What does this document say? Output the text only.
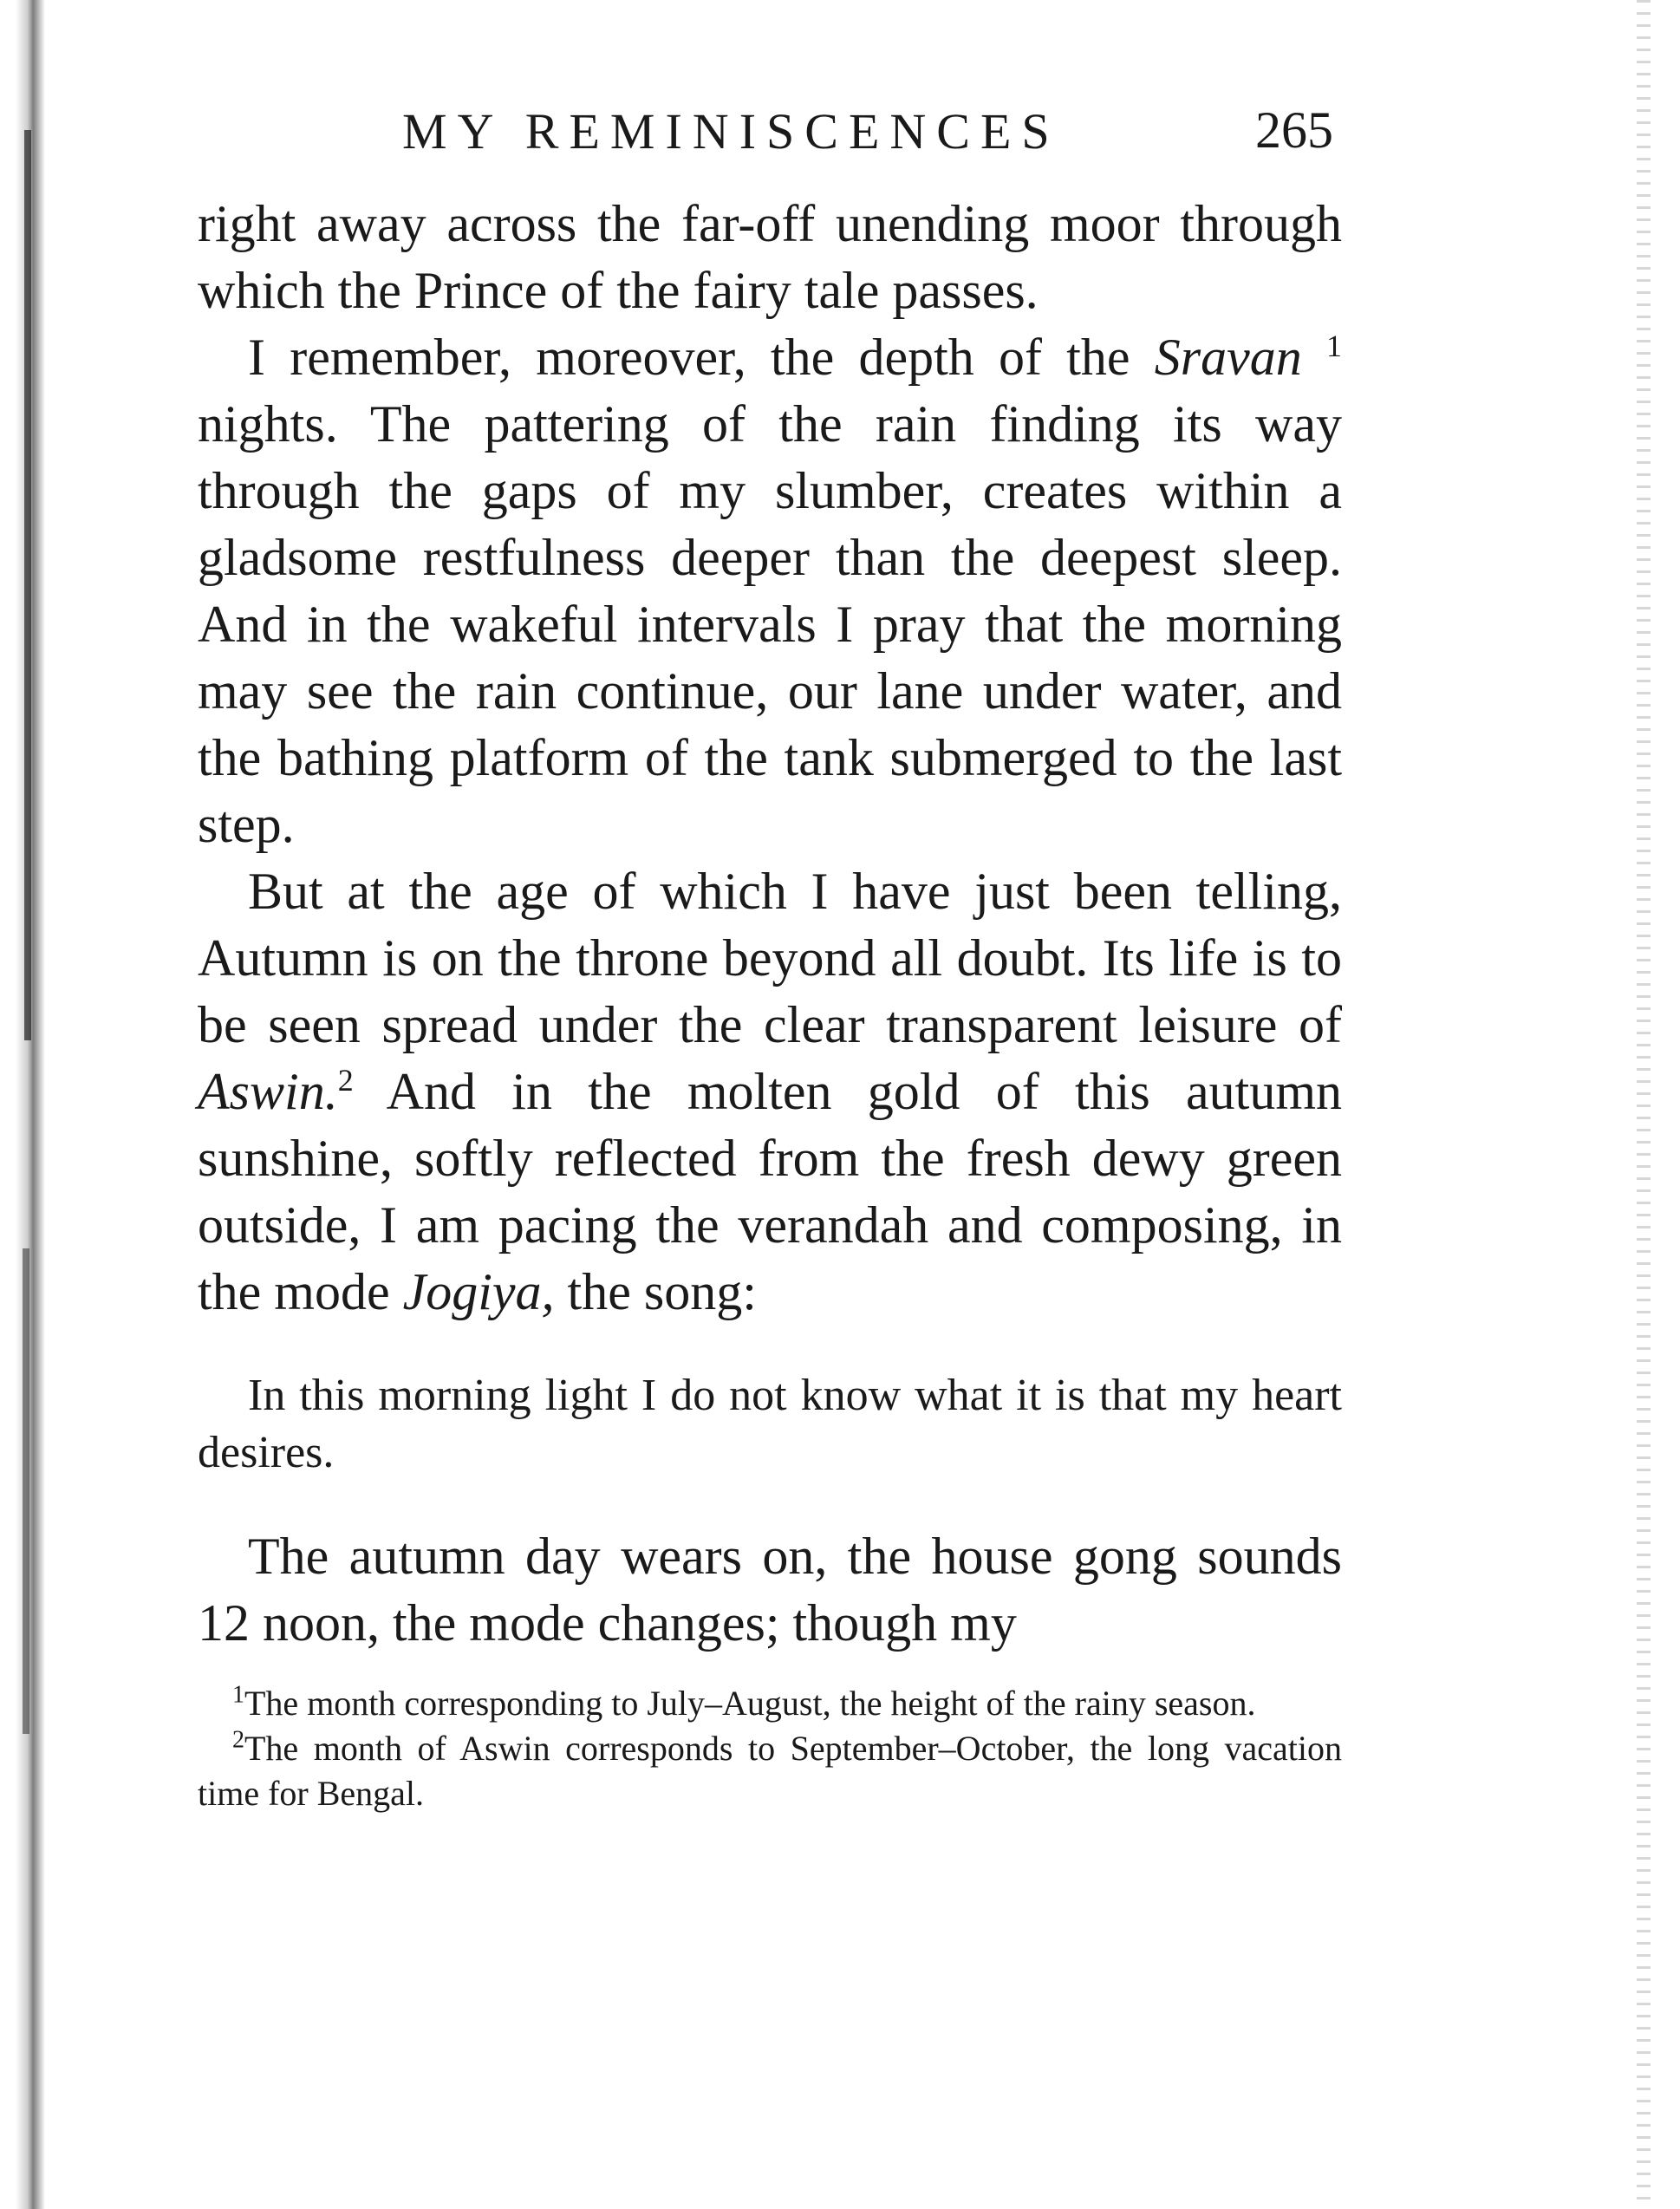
MY REMINISCENCES	265

right away across the far-off unending moor through which the Prince of the fairy tale passes.

I remember, moreover, the depth of the Sravan $^1$ nights. The pattering of the rain finding its way through the gaps of my slumber, creates within a gladsome restfulness deeper than the deepest sleep. And in the wakeful intervals I pray that the morning may see the rain continue, our lane under water, and the bathing platform of the tank submerged to the last step.

But at the age of which I have just been telling, Autumn is on the throne beyond all doubt. Its life is to be seen spread under the clear transparent leisure of Aswin.$^2$ And in the molten gold of this autumn sunshine, softly reflected from the fresh dewy green outside, I am pacing the verandah and composing, in the mode Jogiya, the song:

In this morning light I do not know what it is that my heart desires.

The autumn day wears on, the house gong sounds 12 noon, the mode changes; though my

$^1$The month corresponding to July–August, the height of the rainy season.

$^2$The month of Aswin corresponds to September–October, the long vacation time for Bengal.
